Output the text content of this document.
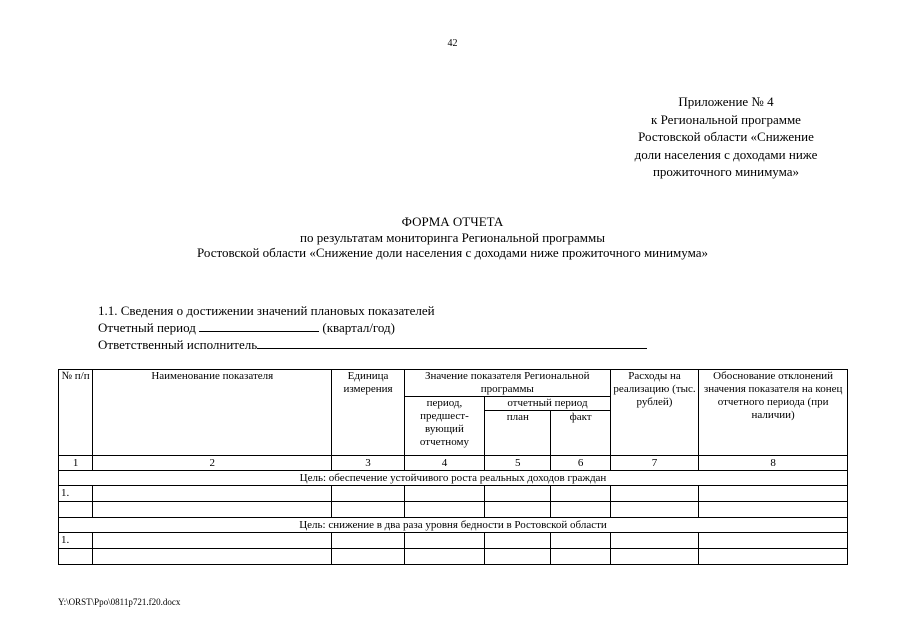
42
Приложение № 4
к Региональной программе
Ростовской области «Снижение
доли населения с доходами ниже
прожиточного минимума»
ФОРМА ОТЧЕТА
по результатам мониторинга Региональной программы
Ростовской области «Снижение доли населения с доходами ниже прожиточного минимума»
1.1. Сведения о достижении значений плановых показателей
Отчетный период	(квартал/год)
Ответственный исполнитель
№ п/п	Наименование показателя	Единица измерения	Значение показателя Региональной программы			Расходы на реализацию (тыс. рублей)	Обоснование отклонений значения показателя на конец отчетного периода (при наличии)
			период, предшест-вующий отчетному	отчетный период			
				план	факт		
1	2	3	4	5	6	7	8
Цель: обеспечение устойчивого роста реальных доходов граждан							
1.							

Цель: снижение в два раза уровня бедности в Ростовской области							
1.							

Y:\ORST\Ppo\0811p721.f20.docx
